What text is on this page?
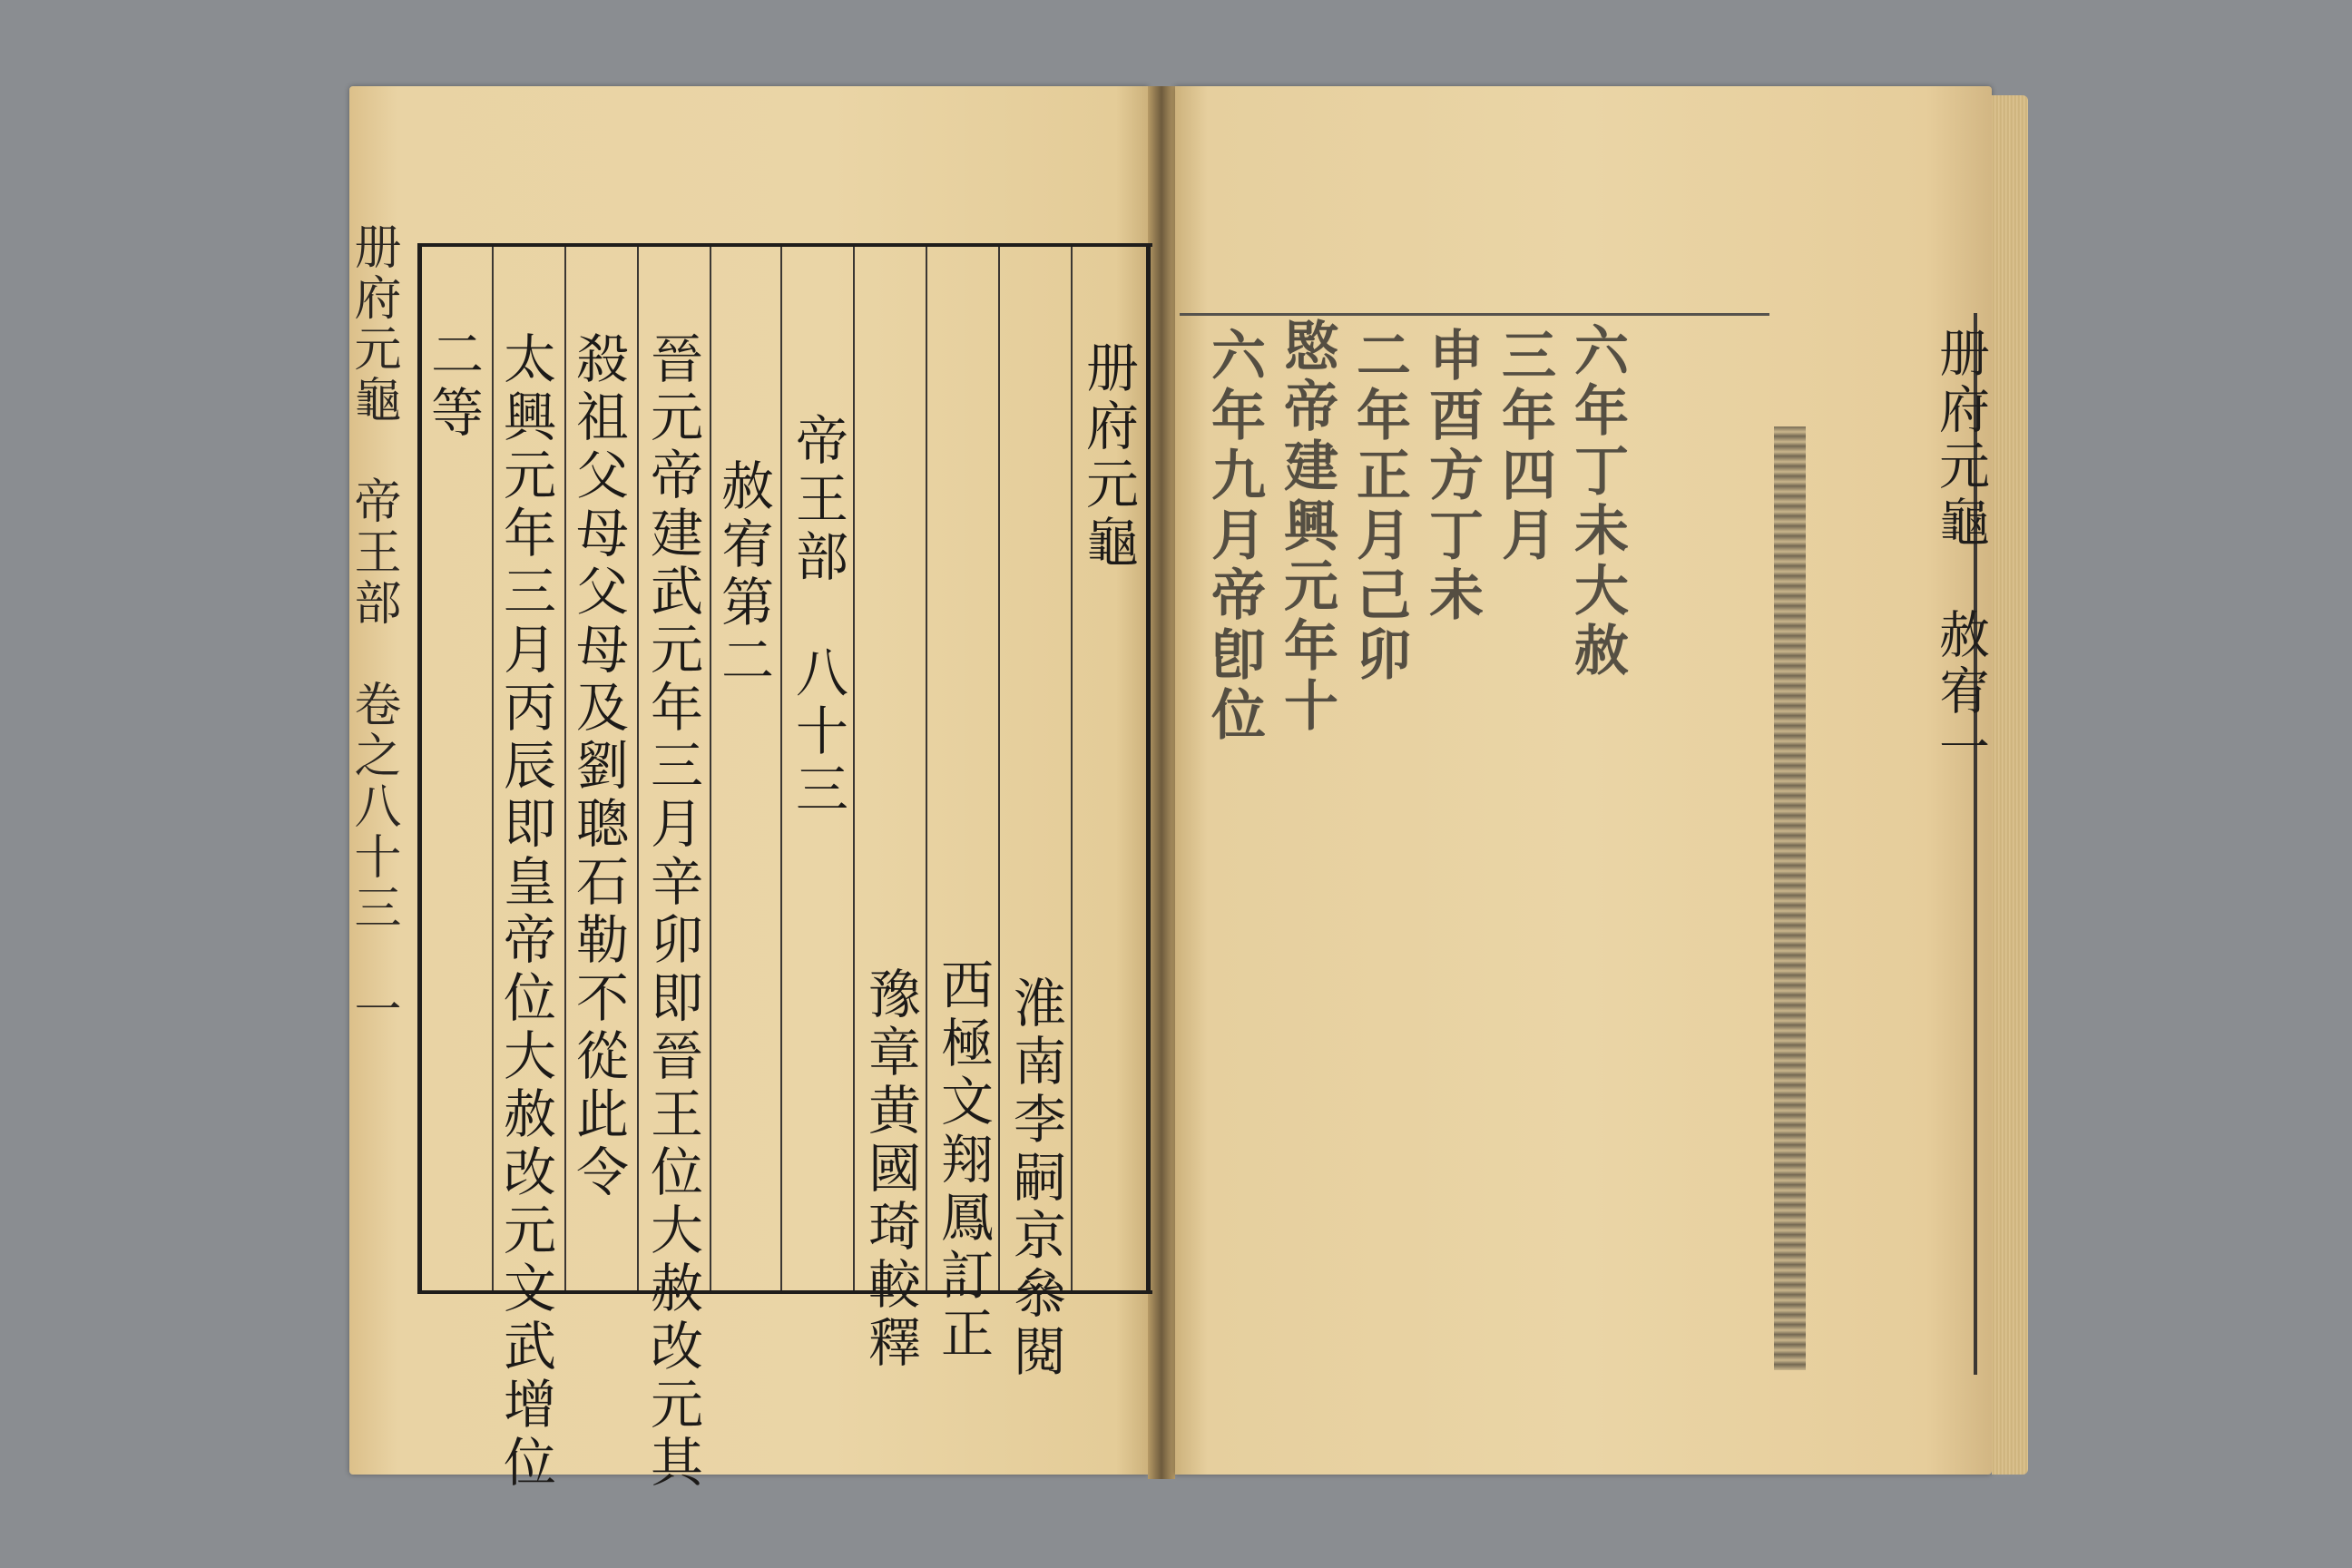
册府元龜　帝王部　卷之八十三　一 二等 太興元年三月丙辰即皇帝位大赦改元文武增位 殺祖父母父母及劉聰石勒不從此令 晉元帝建武元年三月辛卯即晉王位大赦改元其 赦宥第二 帝王部　八十三
豫章黄國琦較釋 西極文翔鳳訂正 淮南李嗣京叅閱
册府元龜 六年九月帝卽位 愍帝建興元年十 二年正月己卯 申酉方丁未 三年四月 六年丁未大赦	册府元龜　赦宥一
